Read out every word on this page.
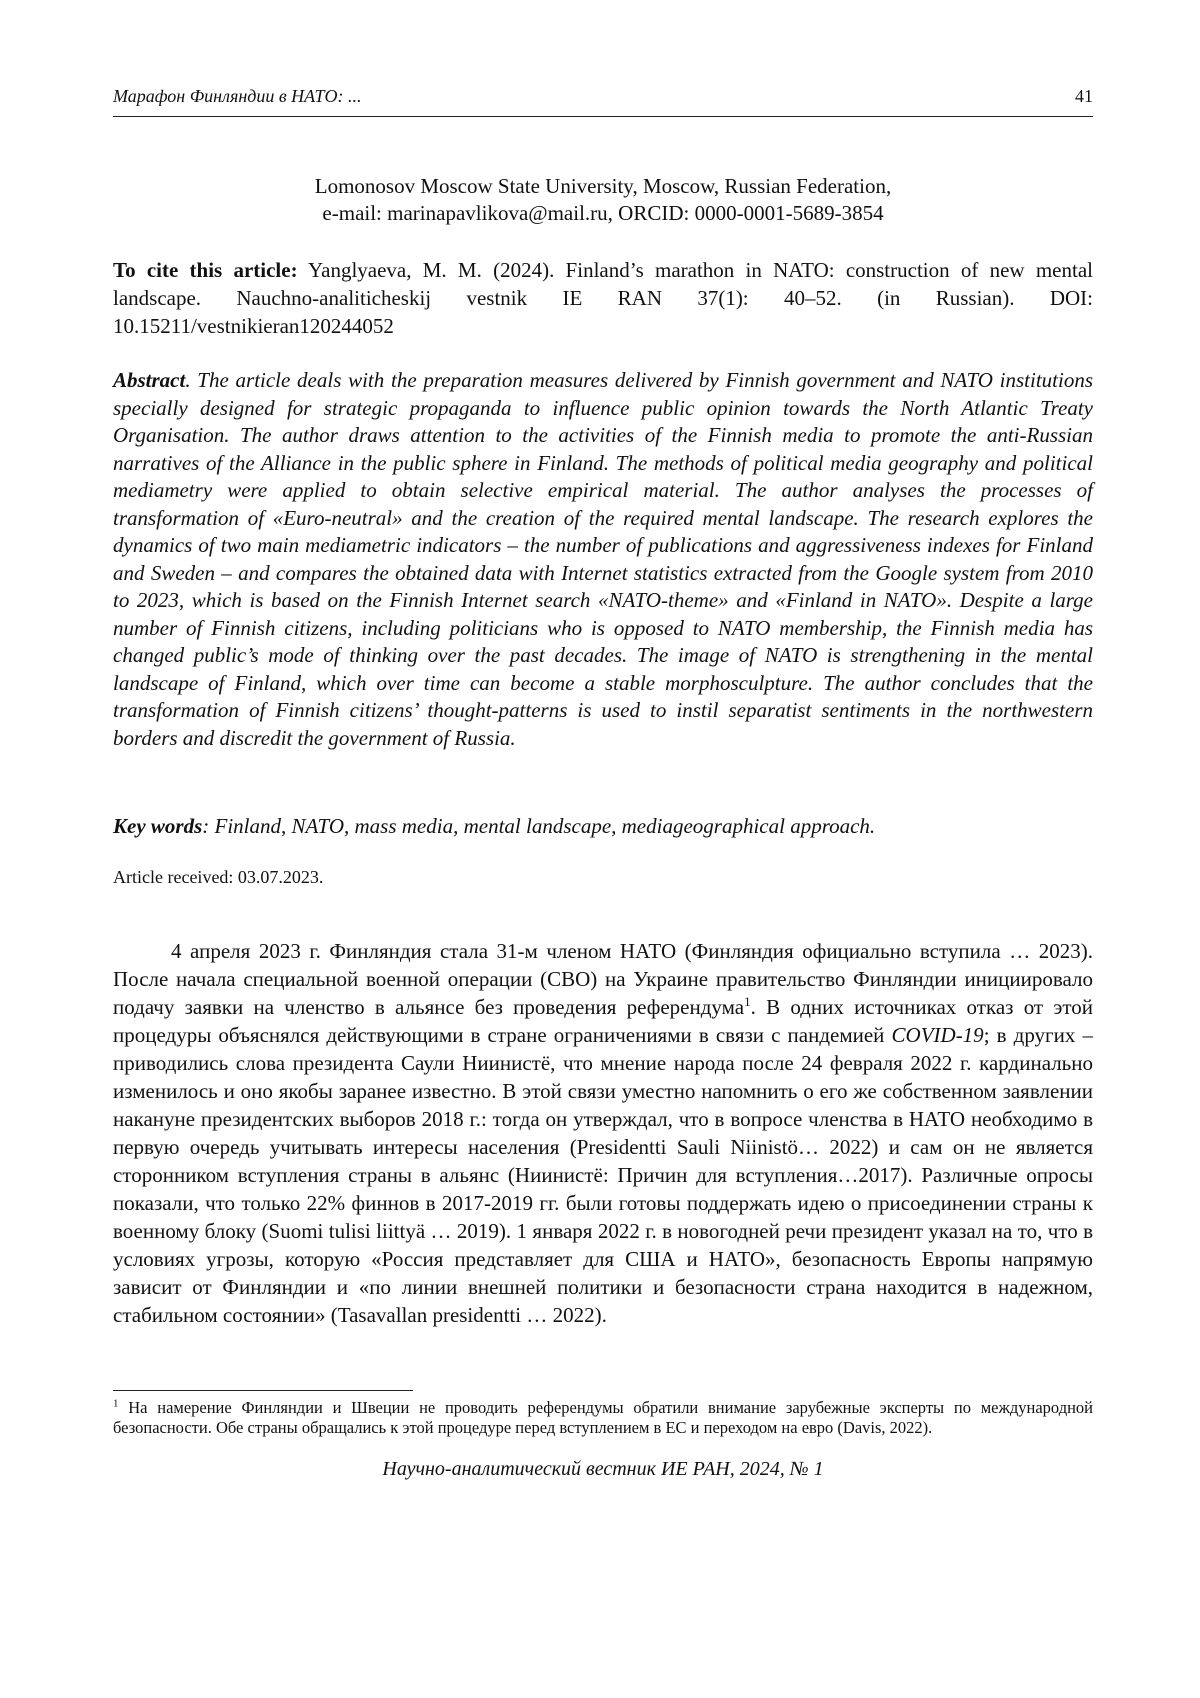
Марафон Финляндии в НАТО: ...	41
Lomonosov Moscow State University, Moscow, Russian Federation,
e-mail: marinapavlikova@mail.ru, ORCID: 0000-0001-5689-3854
To cite this article: Yanglyaeva, M. M. (2024). Finland’s marathon in NATO: construction of new mental landscape. Nauchno-analiticheskij vestnik IE RAN 37(1): 40–52. (in Russian). DOI: 10.15211/vestnikieran120244052
Abstract. The article deals with the preparation measures delivered by Finnish government and NATO institutions specially designed for strategic propaganda to influence public opinion towards the North Atlantic Treaty Organisation. The author draws attention to the activities of the Finnish media to promote the anti-Russian narratives of the Alliance in the public sphere in Finland. The methods of political media geography and political mediametry were applied to obtain selective empirical material. The author analyses the processes of transformation of «Euro-neutral» and the creation of the required mental landscape. The research explores the dynamics of two main mediametric indicators – the number of publications and aggressiveness indexes for Finland and Sweden – and compares the obtained data with Internet statistics extracted from the Google system from 2010 to 2023, which is based on the Finnish Internet search «NATO-theme» and «Finland in NATO». Despite a large number of Finnish citizens, including politicians who is opposed to NATO membership, the Finnish media has changed public’s mode of thinking over the past decades. The image of NATO is strengthening in the mental landscape of Finland, which over time can become a stable morphosculpture. The author concludes that the transformation of Finnish citizens’ thought-patterns is used to instil separatist sentiments in the northwestern borders and discredit the government of Russia.
Key words: Finland, NATO, mass media, mental landscape, mediageographical approach.
Article received: 03.07.2023.
4 апреля 2023 г. Финляндия стала 31-м членом НАТО (Финляндия официально вступила … 2023). После начала специальной военной операции (СВО) на Украине правительство Финляндии инициировало подачу заявки на членство в альянсе без проведения референдума$^1$. В одних источниках отказ от этой процедуры объяснялся действующими в стране ограничениями в связи с пандемией COVID-19; в других – приводились слова президента Саули Ниинистё, что мнение народа после 24 февраля 2022 г. кардинально изменилось и оно якобы заранее известно. В этой связи уместно напомнить о его же собственном заявлении накануне президентских выборов 2018 г.: тогда он утверждал, что в вопросе членства в НАТО необходимо в первую очередь учитывать интересы населения (Presidentti Sauli Niinistö… 2022) и сам он не является сторонником вступления страны в альянс (Ниинистё: Причин для вступления…2017). Различные опросы показали, что только 22% финнов в 2017-2019 гг. были готовы поддержать идею о присоединении страны к военному блоку (Suomi tulisi liittyä … 2019). 1 января 2022 г. в новогодней речи президент указал на то, что в условиях угрозы, которую «Россия представляет для США и НАТО», безопасность Европы напрямую зависит от Финляндии и «по линии внешней политики и безопасности страна находится в надежном, стабильном состоянии» (Tasavallan presidentti … 2022).
$^1$ На намерение Финляндии и Швеции не проводить референдумы обратили внимание зарубежные эксперты по международной безопасности. Обе страны обращались к этой процедуре перед вступлением в ЕС и переходом на евро (Davis, 2022).
Научно-аналитический вестник ИЕ РАН, 2024, № 1
